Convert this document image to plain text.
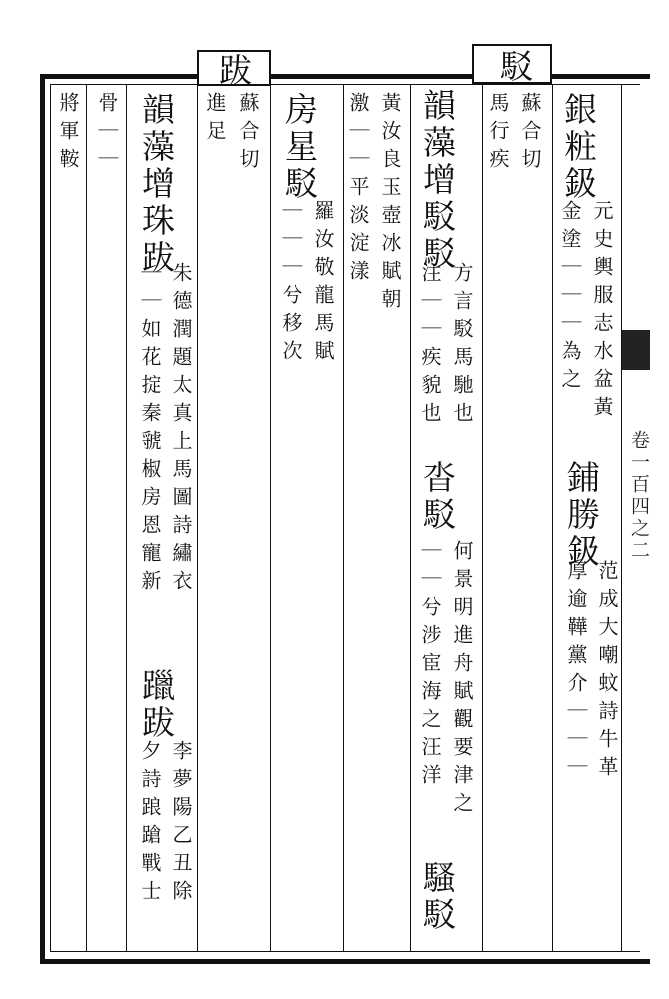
駁
跋
卷一百四之二
銀粧鈒
元史輿服志水盆黃
金塗｜｜｜為之
鋪勝鈒
范成大嘲蚊詩牛革
厚逾鞾黨介｜｜｜
蘇合切
馬行疾
韻藻增駁駁
方言駁馬馳也
注｜｜疾貌也
沓駁
何景明進舟賦觀要津之
｜｜兮涉宦海之汪洋
騷駁
黃汝良玉壺冰賦朝
激｜｜平淡淀漾
房星駁
羅汝敬龍馬賦
｜｜｜兮移次
蘇合切
進足
韻藻增珠跋
朱德潤題太真上馬圖詩繡衣
｜｜如花掟秦虢椒房恩寵新
躐跋
李夢陽乙丑除
夕詩踉蹌戰士
骨｜｜
將軍鞍
